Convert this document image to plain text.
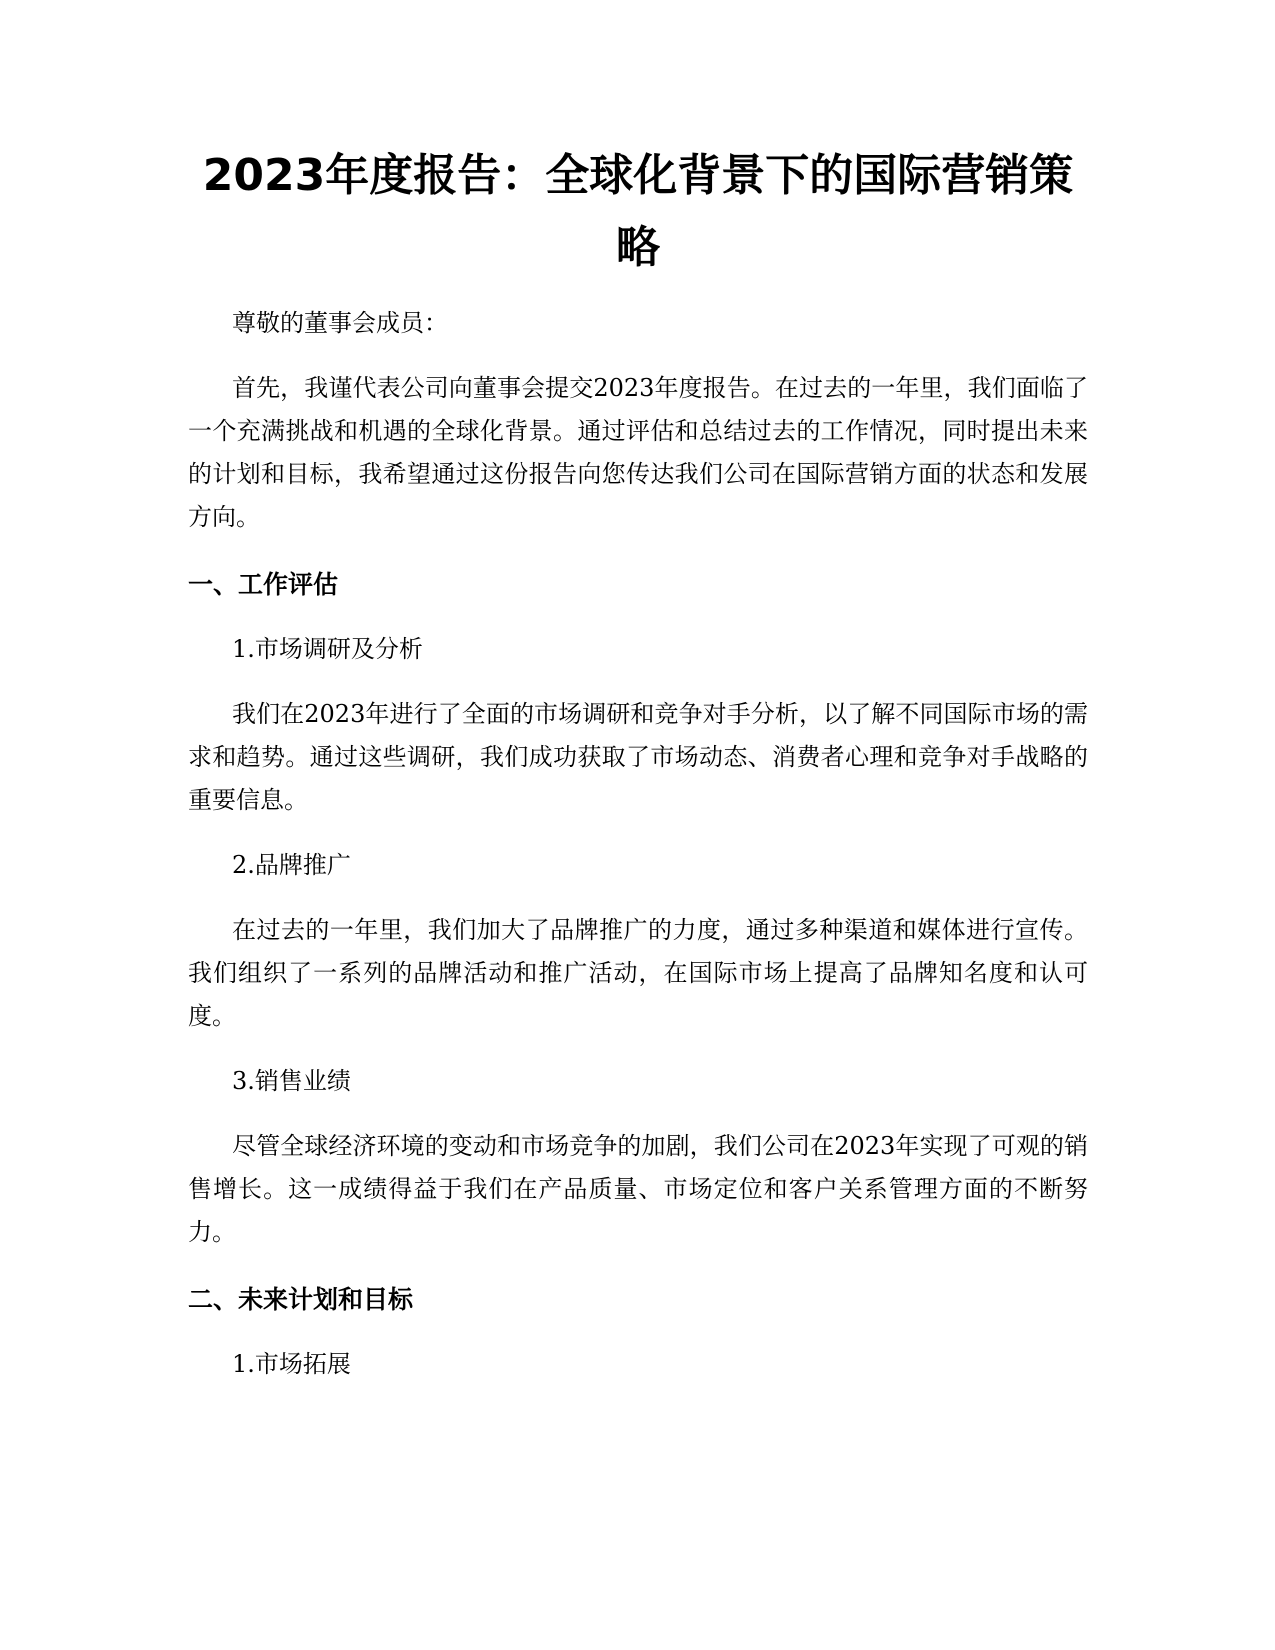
2023年度报告：全球化背景下的国际营销策略

尊敬的董事会成员：

首先，我谨代表公司向董事会提交2023年度报告。在过去的一年里，我们面临了一个充满挑战和机遇的全球化背景。通过评估和总结过去的工作情况，同时提出未来的计划和目标，我希望通过这份报告向您传达我们公司在国际营销方面的状态和发展方向。

一、工作评估

1.市场调研及分析

我们在2023年进行了全面的市场调研和竞争对手分析，以了解不同国际市场的需求和趋势。通过这些调研，我们成功获取了市场动态、消费者心理和竞争对手战略的重要信息。

2.品牌推广

在过去的一年里，我们加大了品牌推广的力度，通过多种渠道和媒体进行宣传。我们组织了一系列的品牌活动和推广活动，在国际市场上提高了品牌知名度和认可度。

3.销售业绩

尽管全球经济环境的变动和市场竞争的加剧，我们公司在2023年实现了可观的销售增长。这一成绩得益于我们在产品质量、市场定位和客户关系管理方面的不断努力。

二、未来计划和目标

1.市场拓展
